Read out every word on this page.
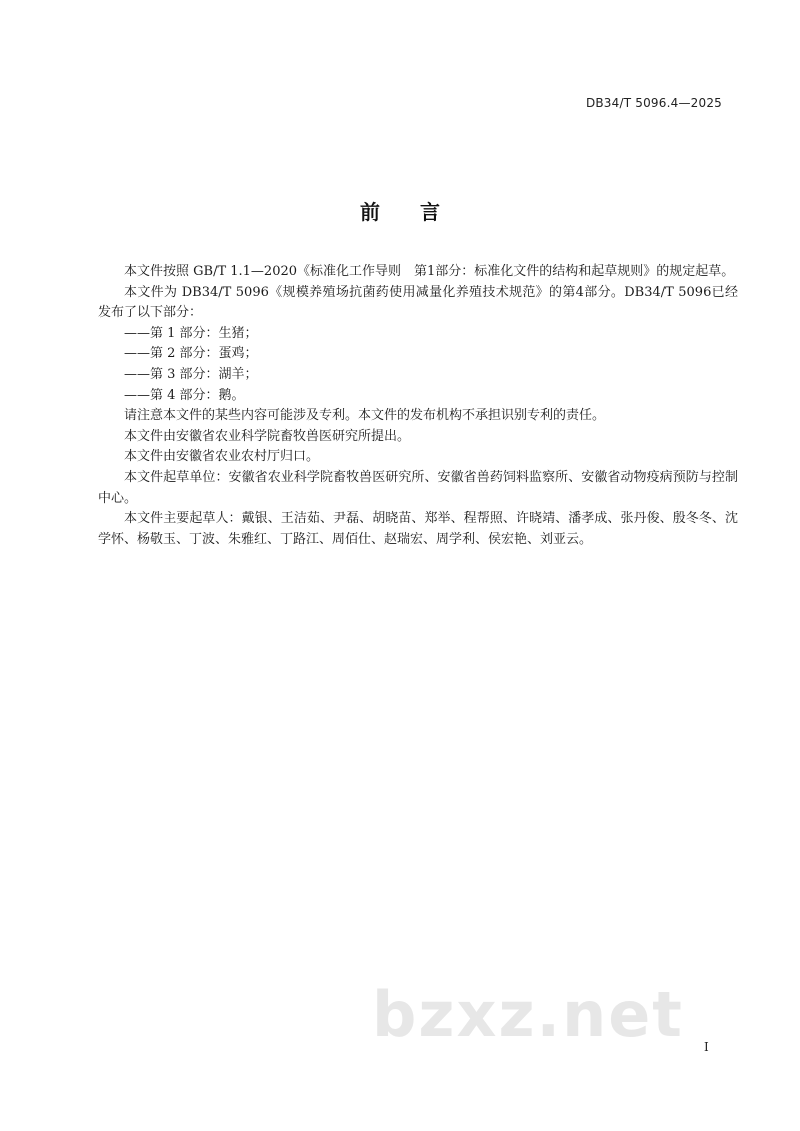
DB34/T 5096.4—2025
前 言

本文件按照 GB/T 1.1—2020《标准化工作导则　第1部分：标准化文件的结构和起草规则》的规定起草。

本文件为 DB34/T 5096《规模养殖场抗菌药使用减量化养殖技术规范》的第4部分。DB34/T 5096已经发布了以下部分：

——第 1 部分：生猪；

——第 2 部分：蛋鸡；

——第 3 部分：湖羊；

——第 4 部分：鹅。

请注意本文件的某些内容可能涉及专利。本文件的发布机构不承担识别专利的责任。

本文件由安徽省农业科学院畜牧兽医研究所提出。

本文件由安徽省农业农村厅归口。

本文件起草单位：安徽省农业科学院畜牧兽医研究所、安徽省兽药饲料监察所、安徽省动物疫病预防与控制中心。

本文件主要起草人：戴银、王洁茹、尹磊、胡晓苗、郑举、程帮照、许晓靖、潘孝成、张丹俊、殷冬冬、沈学怀、杨敬玉、丁波、朱雅红、丁路江、周佰仕、赵瑞宏、周学利、侯宏艳、刘亚云。

bzxz.net I
